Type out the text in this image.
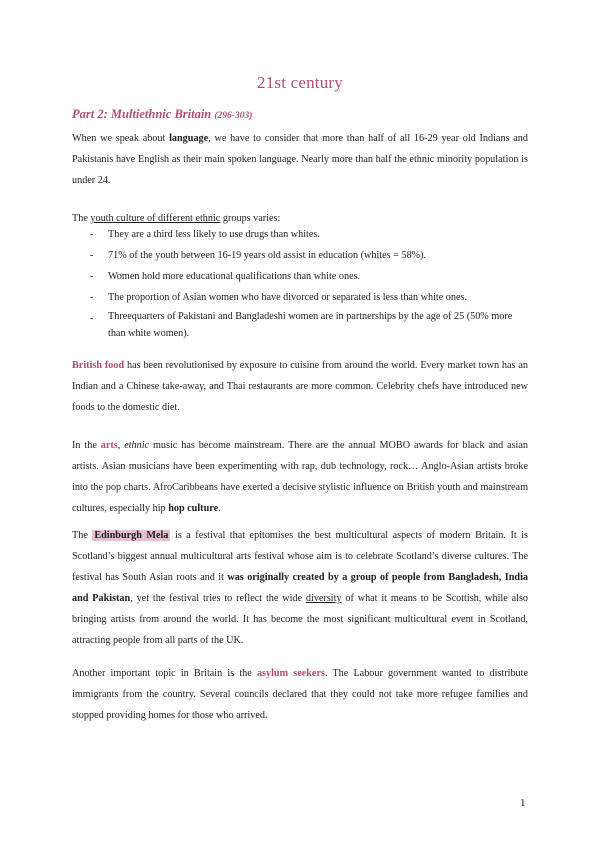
21st century
Part 2: Multiethnic Britain (296-303)

When we speak about language, we have to consider that more than half of all 16-29 year old Indians and Pakistanis have English as their main spoken language. Nearly more than half the ethnic minority population is under 24.

The youth culture of different ethnic groups varies:

- They are a third less likely to use drugs than whites.
- 71% of the youth between 16-19 years old assist in education (whites = 58%).
- Women hold more educational qualifications than white ones.
- The proportion of Asian women who have divorced or separated is less than white ones.
- Threequarters of Pakistani and Bangladeshi women are in partnerships by the age of 25 (50% more than white women).

British food has been revolutionised by exposure to cuisine from around the world. Every market town has an Indian and a Chinese take-away, and Thai restaurants are more common. Celebrity chefs have introduced new foods to the domestic diet.

In the arts, ethnic music has become mainstream. There are the annual MOBO awards for black and asian artists. Asian musicians have been experimenting with rap, dub technology, rock… Anglo-Asian artists broke into the pop charts. AfroCaribbeans have exerted a decisive stylistic influence on British youth and mainstream cultures, especially hip hop culture.

The Edinburgh Mela is a festival that epitomises the best multicultural aspects of modern Britain. It is Scotland’s biggest annual multicultural arts festival whose aim is to celebrate Scotland’s diverse cultures. The festival has South Asian roots and it was originally created by a group of people from Bangladesh, India and Pakistan, yet the festival tries to reflect the wide diversity of what it means to be Scottish, while also bringing artists from around the world. It has become the most significant multicultural event in Scotland, attracting people from all parts of the UK.

Another important topic in Britain is the asylum seekers. The Labour government wanted to distribute immigrants from the country. Several councils declared that they could not take more refugee families and stopped providing homes for those who arrived.

1
